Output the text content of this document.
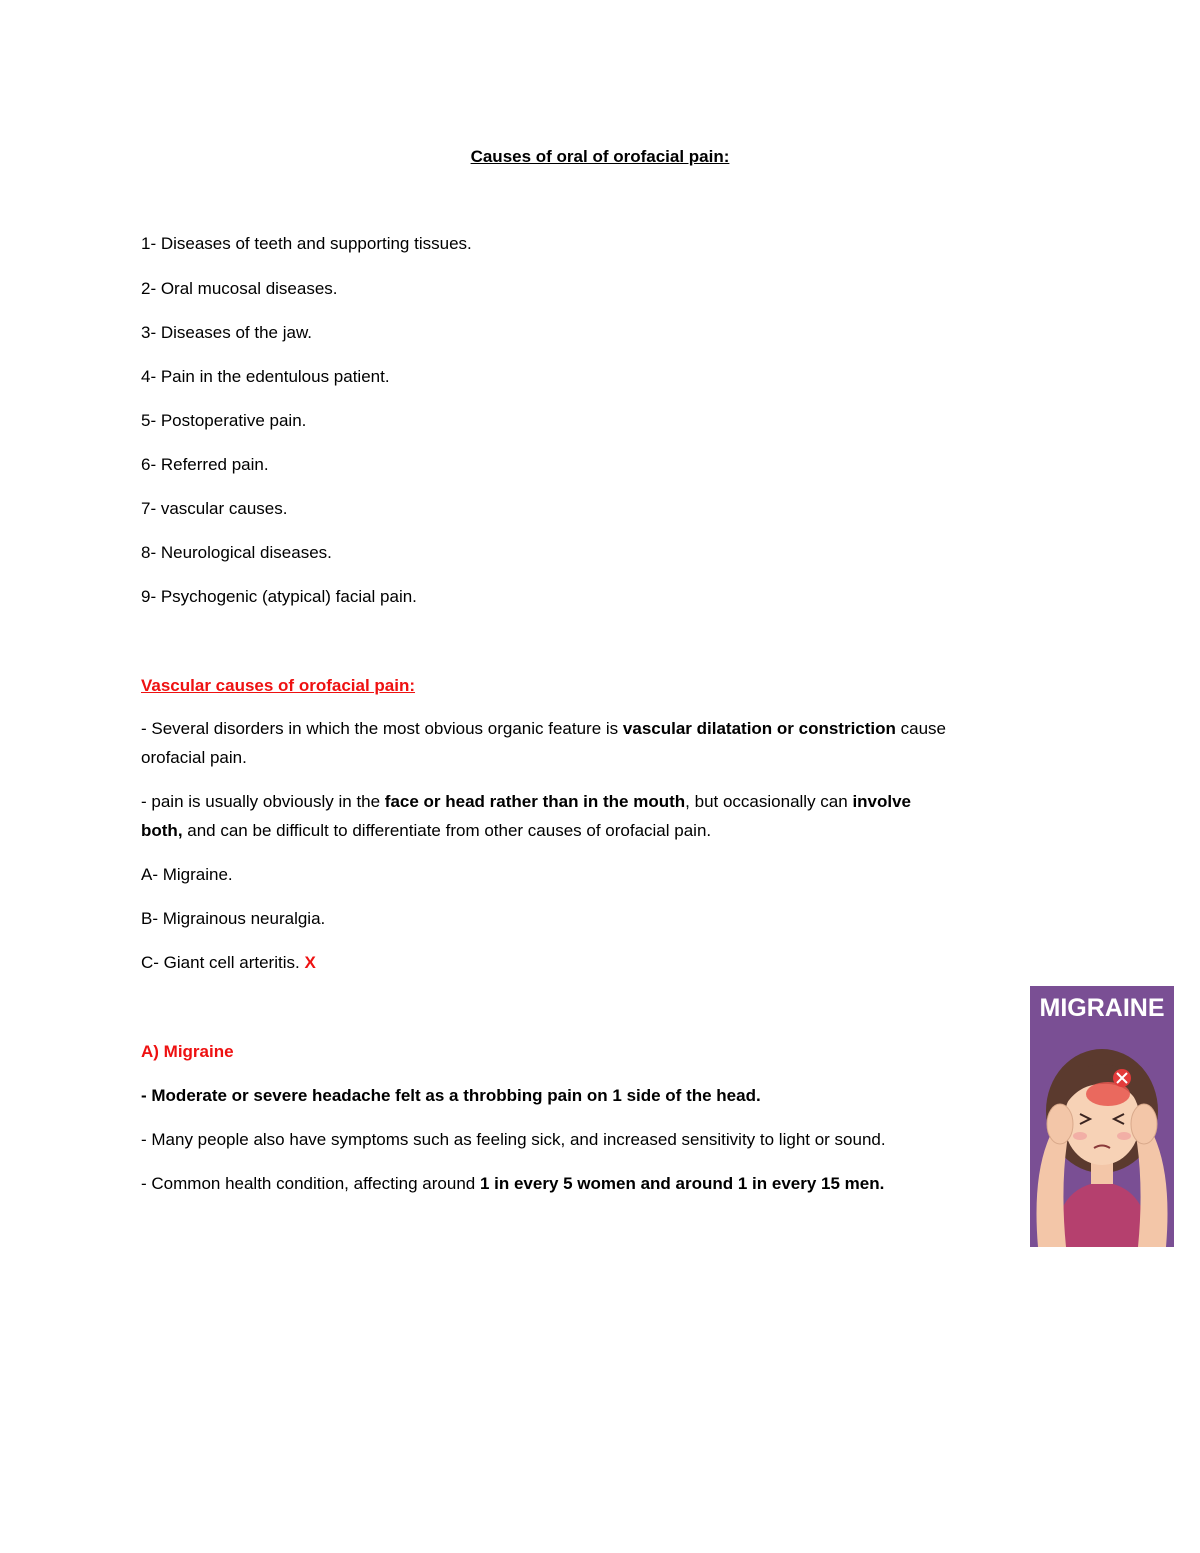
Causes of oral of orofacial pain:
1- Diseases of teeth and supporting tissues.
2- Oral mucosal diseases.
3- Diseases of the jaw.
4- Pain in the edentulous patient.
5- Postoperative pain.
6- Referred pain.
7- vascular causes.
8- Neurological diseases.
9- Psychogenic (atypical) facial pain.
Vascular causes of orofacial pain:
- Several disorders in which the most obvious organic feature is vascular dilatation or constriction cause
orofacial pain.
- pain is usually obviously in the face or head rather than in the mouth, but occasionally can involve
both, and can be difficult to differentiate from other causes of orofacial pain.
A- Migraine.
B- Migrainous neuralgia.
C- Giant cell arteritis. X
A) Migraine
- Moderate or severe headache felt as a throbbing pain on 1 side of the head.
- Many people also have symptoms such as feeling sick, and increased sensitivity to light or sound.
- Common health condition, affecting around 1 in every 5 women and around 1 in every 15 men.
MIGRAINE
